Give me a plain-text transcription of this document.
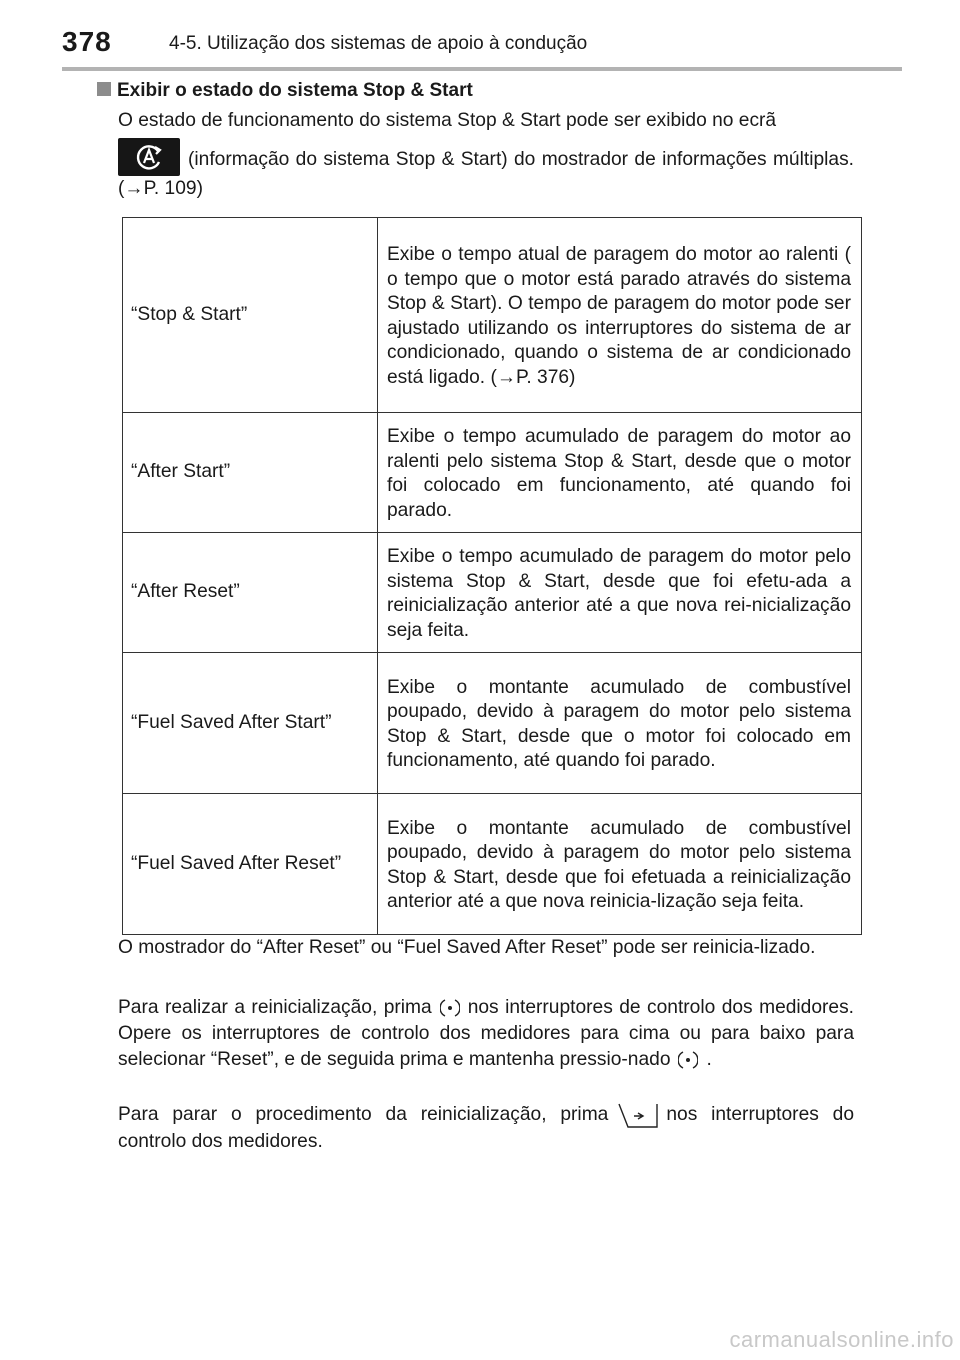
378	4-5. Utilização dos sistemas de apoio à condução
Exibir o estado do sistema Stop & Start
O estado de funcionamento do sistema Stop & Start pode ser exibido no ecrã
(informação do sistema Stop & Start) do mostrador de informações múltiplas. (→P. 109)
“Stop & Start”	Exibe o tempo atual de paragem do motor ao ralenti ( o tempo que o motor está parado através do sistema Stop & Start). O tempo de paragem do motor pode ser ajustado utilizando os interruptores do sistema de ar condicionado, quando o sistema de ar condicionado está ligado. (→P. 376)
“After Start”	Exibe o tempo acumulado de paragem do motor ao ralenti pelo sistema Stop & Start, desde que o motor foi colocado em funcionamento, até quando foi parado.
“After Reset”	Exibe o tempo acumulado de paragem do motor pelo sistema Stop & Start, desde que foi efetu-ada a reinicialização anterior até a que nova rei-nicialização seja feita.
“Fuel Saved After Start”	Exibe o montante acumulado de combustível poupado, devido à paragem do motor pelo sistema Stop & Start, desde que o motor foi colocado em funcionamento, até quando foi parado.
“Fuel Saved After Reset”	Exibe o montante acumulado de combustível poupado, devido à paragem do motor pelo sistema Stop & Start, desde que foi efetuada a reinicialização anterior até a que nova reinicia-lização seja feita.
O mostrador do “After Reset” ou “Fuel Saved After Reset” pode ser reinicia-lizado.
Para realizar a reinicialização, prima nos interruptores de controlo dos medidores. Opere os interruptores de controlo dos medidores para cima ou para baixo para selecionar “Reset”, e de seguida prima e mantenha pressio-nado .
Para parar o procedimento da reinicialização, prima	nos interruptores do controlo dos medidores.
carmanualsonline.info
